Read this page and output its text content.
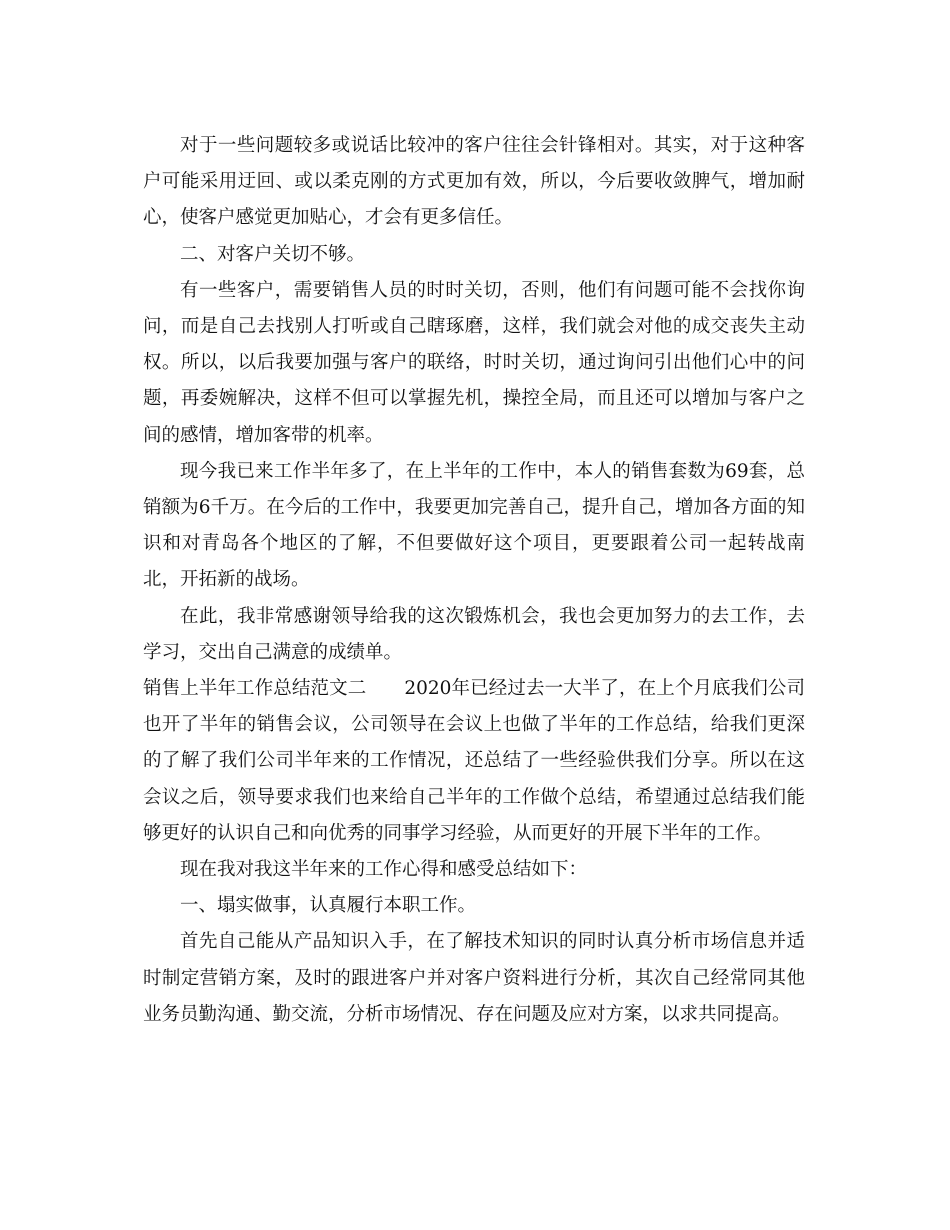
对于一些问题较多或说话比较冲的客户往往会针锋相对。其实，对于这种客户可能采用迂回、或以柔克刚的方式更加有效，所以，今后要收敛脾气，增加耐心，使客户感觉更加贴心，才会有更多信任。

二、对客户关切不够。

有一些客户，需要销售人员的时时关切，否则，他们有问题可能不会找你询问，而是自己去找别人打听或自己瞎琢磨，这样，我们就会对他的成交丧失主动权。所以，以后我要加强与客户的联络，时时关切，通过询问引出他们心中的问题，再委婉解决，这样不但可以掌握先机，操控全局，而且还可以增加与客户之间的感情，增加客带的机率。

现今我已来工作半年多了，在上半年的工作中，本人的销售套数为69套，总销额为6千万。在今后的工作中，我要更加完善自己，提升自己，增加各方面的知识和对青岛各个地区的了解，不但要做好这个项目，更要跟着公司一起转战南北，开拓新的战场。

在此，我非常感谢领导给我的这次锻炼机会，我也会更加努力的去工作，去学习，交出自己满意的成绩单。

销售上半年工作总结范文二 2020年已经过去一大半了，在上个月底我们公司也开了半年的销售会议，公司领导在会议上也做了半年的工作总结，给我们更深的了解了我们公司半年来的工作情况，还总结了一些经验供我们分享。所以在这会议之后，领导要求我们也来给自己半年的工作做个总结，希望通过总结我们能够更好的认识自己和向优秀的同事学习经验，从而更好的开展下半年的工作。

现在我对我这半年来的工作心得和感受总结如下：

一、塌实做事，认真履行本职工作。

首先自己能从产品知识入手，在了解技术知识的同时认真分析市场信息并适时制定营销方案，及时的跟进客户并对客户资料进行分析，其次自己经常同其他业务员勤沟通、勤交流，分析市场情况、存在问题及应对方案，以求共同提高。
